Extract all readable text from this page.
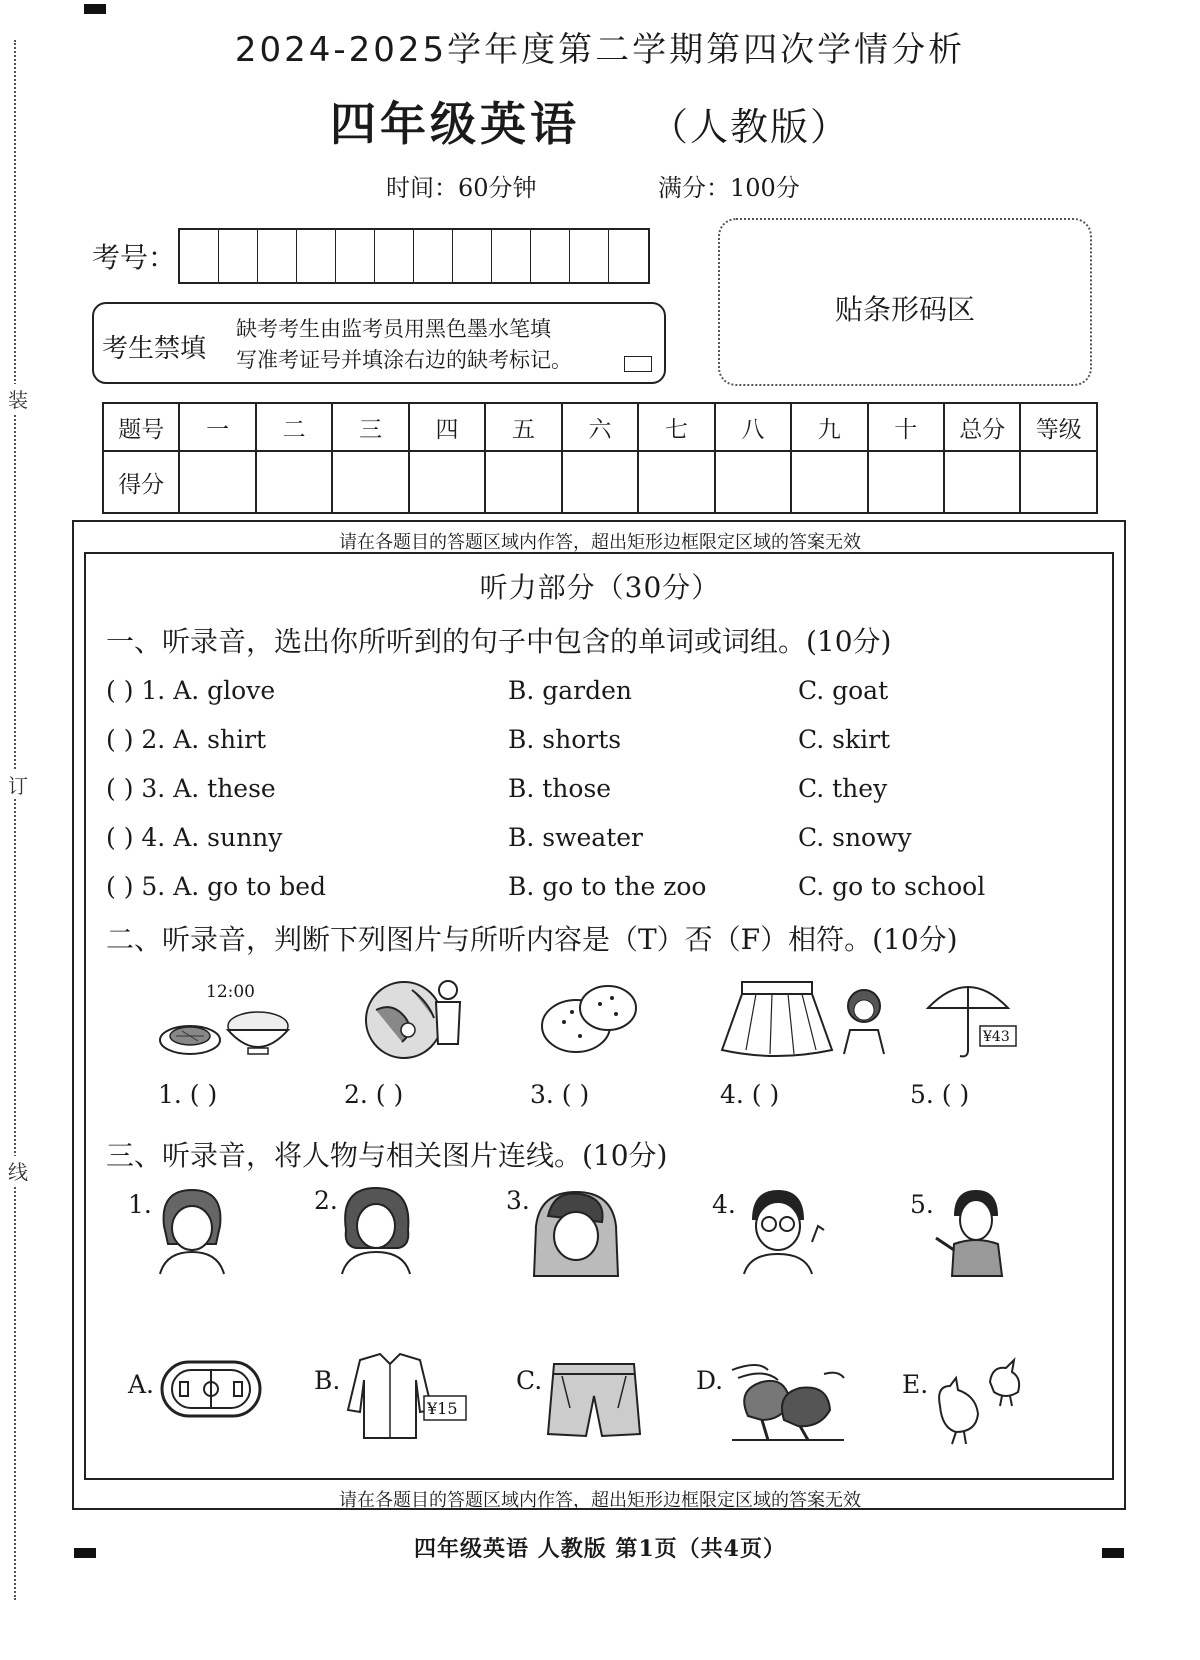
装
订
线
2024-2025学年度第二学期第四次学情分析
四年级英语 （人教版）
时间：60分钟	满分：100分
考号：
考生禁填
缺考考生由监考员用黑色墨水笔填
写准考证号并填涂右边的缺考标记。
贴条形码区
题号	一	二	三	四	五	六	七	八	九	十	总分	等级
得分												
请在各题目的答题区域内作答，超出矩形边框限定区域的答案无效
请在各题目的答题区域内作答，超出矩形边框限定区域的答案无效
听力部分（30分）
一、听录音，选出你所听到的句子中包含的单词或词组。(10分)
( ) 1. A. glove	B. garden	C. goat
( ) 2. A. shirt	B. shorts	C. skirt
( ) 3. A. these	B. those	C. they
( ) 4. A. sunny	B. sweater	C. snowy
( ) 5. A. go to bed	B. go to the zoo	C. go to school
二、听录音，判断下列图片与所听内容是（T）否（F）相符。(10分)
12:00
¥43
1. ( )	2. ( )	3. ( )	4. ( )	5. ( )
三、听录音，将人物与相关图片连线。(10分)
1.	2.	3.	4.	5.
A.	B.
¥15
C.	D.	E.
四年级英语 人教版 第1页（共4页）
